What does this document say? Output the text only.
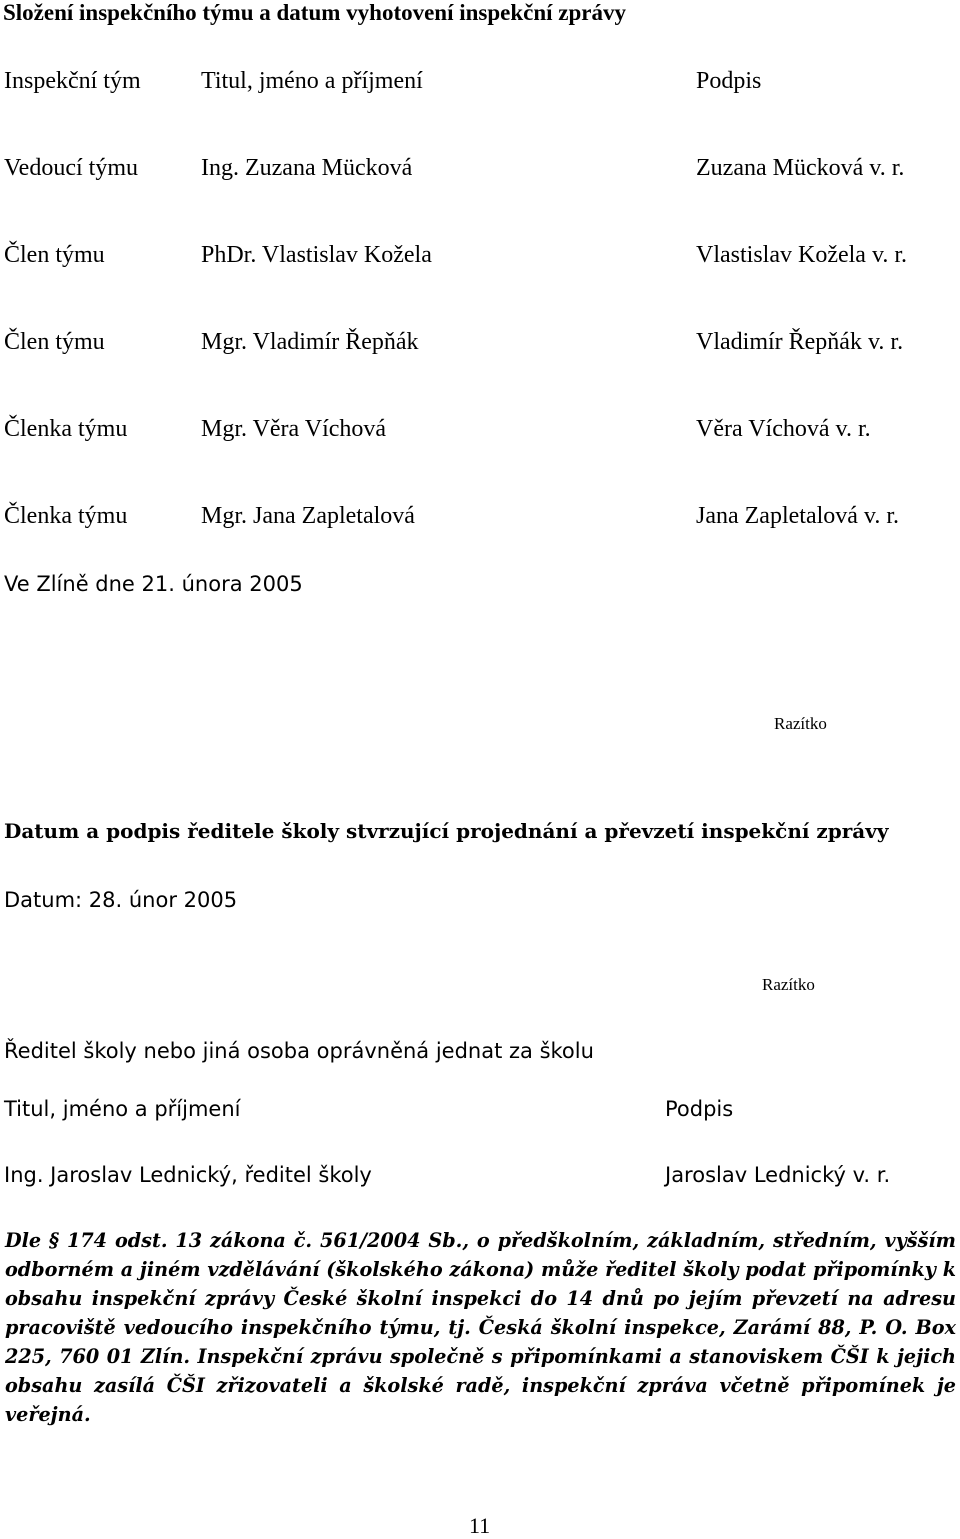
Složení inspekčního týmu a datum vyhotovení inspekční zprávy
Inspekční tým	Titul, jméno a příjmení	Podpis
Vedoucí týmu	Ing. Zuzana Mücková	Zuzana Mücková v. r.
Člen týmu	PhDr. Vlastislav Kožela	Vlastislav Kožela v. r.
Člen týmu	Mgr. Vladimír Řepňák	Vladimír Řepňák v. r.
Členka týmu	Mgr. Věra Víchová	Věra Víchová v. r.
Členka týmu	Mgr. Jana Zapletalová	Jana Zapletalová v. r.
Ve Zlíně dne 21. února 2005
Razítko
Datum a podpis ředitele školy stvrzující projednání a převzetí inspekční zprávy
Datum: 28. únor 2005
Razítko
Ředitel školy nebo jiná osoba oprávněná jednat za školu
Titul, jméno a příjmení	Podpis
Ing. Jaroslav Lednický, ředitel školy	Jaroslav Lednický v. r.
Dle § 174 odst. 13 zákona č. 561/2004 Sb., o předškolním, základním, středním, vyšším odborném a jiném vzdělávání (školského zákona) může ředitel školy podat připomínky k obsahu inspekční zprávy České školní inspekci do 14 dnů po jejím převzetí na adresu pracoviště vedoucího inspekčního týmu, tj. Česká školní inspekce, Zarámí 88, P. O. Box 225, 760 01 Zlín. Inspekční zprávu společně s připomínkami a stanoviskem ČŠI k jejich obsahu zasílá ČŠI zřizovateli a školské radě, inspekční zpráva včetně připomínek je veřejná.
11
